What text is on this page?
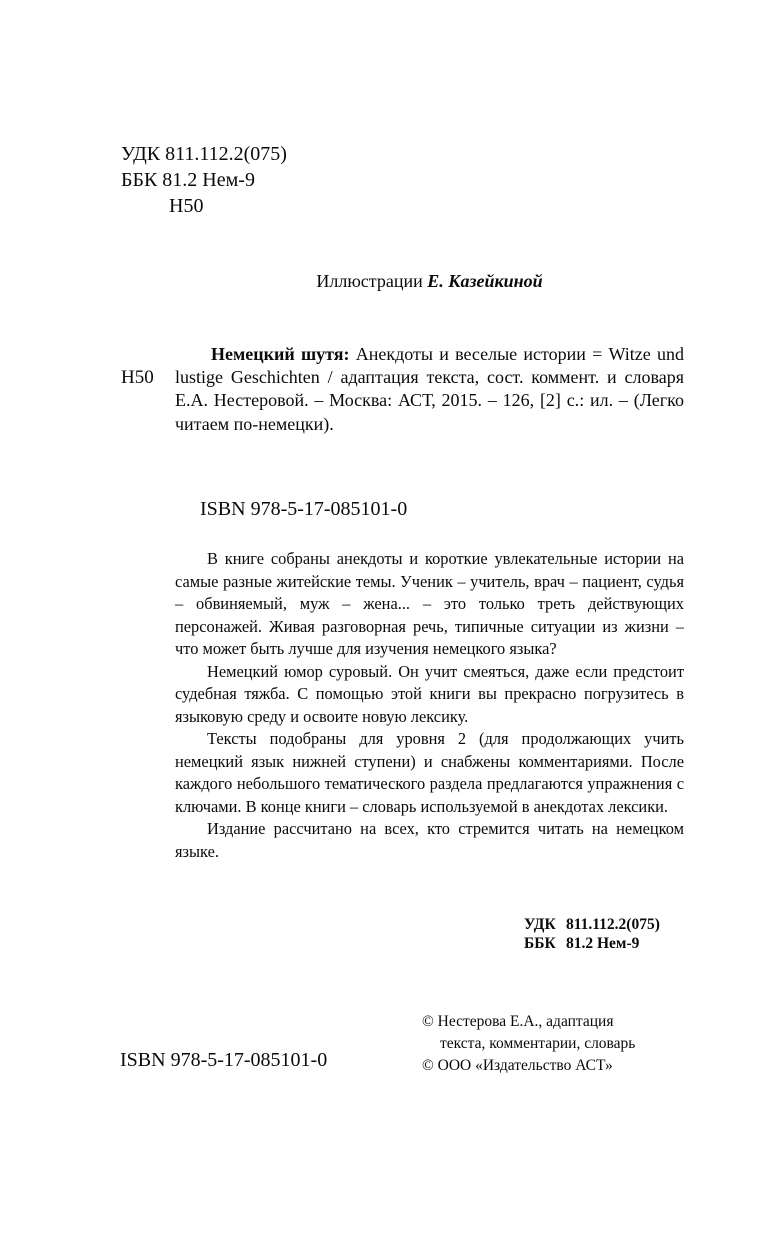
УДК 811.112.2(075)
ББК 81.2 Нем-9
Н50
Иллюстрации Е. Казейкиной
Н50
Немецкий шутя: Анекдоты и веселые истории = Witze und lustige Geschichten / адаптация текста, сост. коммент. и словаря Е.А. Нестеровой. – Москва: АСТ, 2015. – 126, [2] с.: ил. – (Легко читаем по-немецки).
ISBN 978-5-17-085101-0

В книге собраны анекдоты и короткие увлекательные истории на самые разные житейские темы. Ученик – учитель, врач – пациент, судья – обвиняемый, муж – жена... – это только треть действующих персонажей. Живая разговорная речь, типичные ситуации из жизни – что может быть лучше для изучения немецкого языка?

Немецкий юмор суровый. Он учит смеяться, даже если предстоит судебная тяжба. С помощью этой книги вы прекрасно погрузитесь в языковую среду и освоите новую лексику.

Тексты подобраны для уровня 2 (для продолжающих учить немецкий язык нижней ступени) и снабжены комментариями. После каждого небольшого тематического раздела предлагаются упражнения с ключами. В конце книги – словарь используемой в анекдотах лексики.

Издание рассчитано на всех, кто стремится читать на немецком языке.

УДК 811.112.2(075)
ББК 81.2 Нем-9
© Нестерова Е.А., адаптация
текста, комментарии, словарь
© ООО «Издательство АСТ»
ISBN 978-5-17-085101-0
